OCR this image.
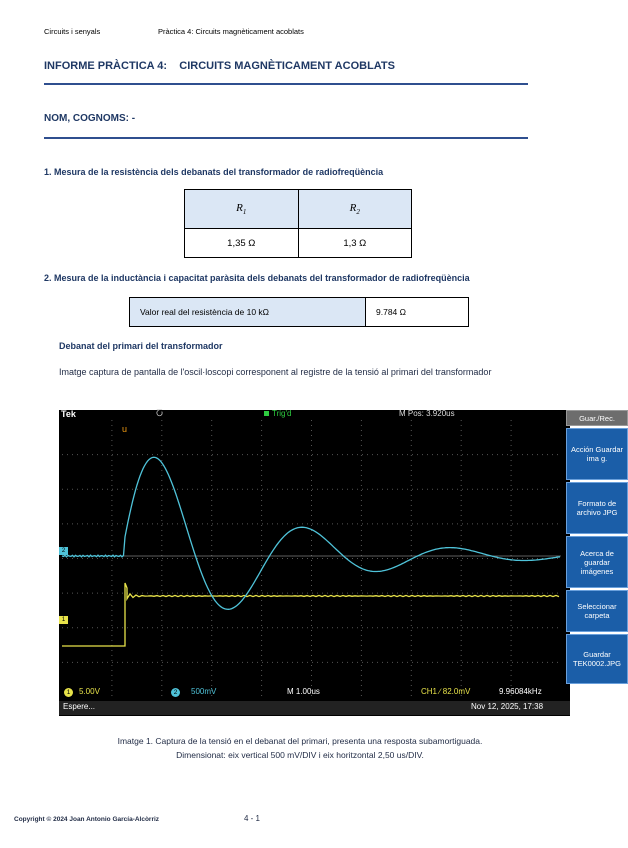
Circuits i senyals	Pràctica 4: Circuits magnèticament acoblats
INFORME PRÀCTICA 4:    CIRCUITS MAGNÈTICAMENT ACOBLATS
NOM, COGNOMS: -
1. Mesura de la resistència dels debanats del transformador de radiofreqüència
$R_1$	$R_2$
1,35 Ω	1,3 Ω
2. Mesura de la inductància i capacitat paràsita dels debanats del transformador de radiofreqüència
Valor real del resistència de 10 kΩ	9.784 Ω
Debanat del primari del transformador
Imatge captura de pantalla de l'oscil·loscopi corresponent al registre de la tensió al primari del transformador
Tek	Ⴀ	Trig'd	M Pos: 3.920us
u
2
1
Guar./Rec.
Acción Guardar ima g.
Formato de archivo JPG
Acerca de guardar imágenes
Seleccionar carpeta
Guardar TEK0002.JPG
1	5.00V	2	500mV	M 1.00us	CH1 ∕ 82.0mV	9.96084kHz
Espere...	Nov 12, 2025, 17:38
Imatge 1. Captura de la tensió en el debanat del primari, presenta una resposta subamortiguada.
Dimensionat: eix vertical 500 mV/DIV i eix horitzontal 2,50 us/DIV.
Copyright © 2024 Joan Antonio García-Alcòrriz	4 - 1
